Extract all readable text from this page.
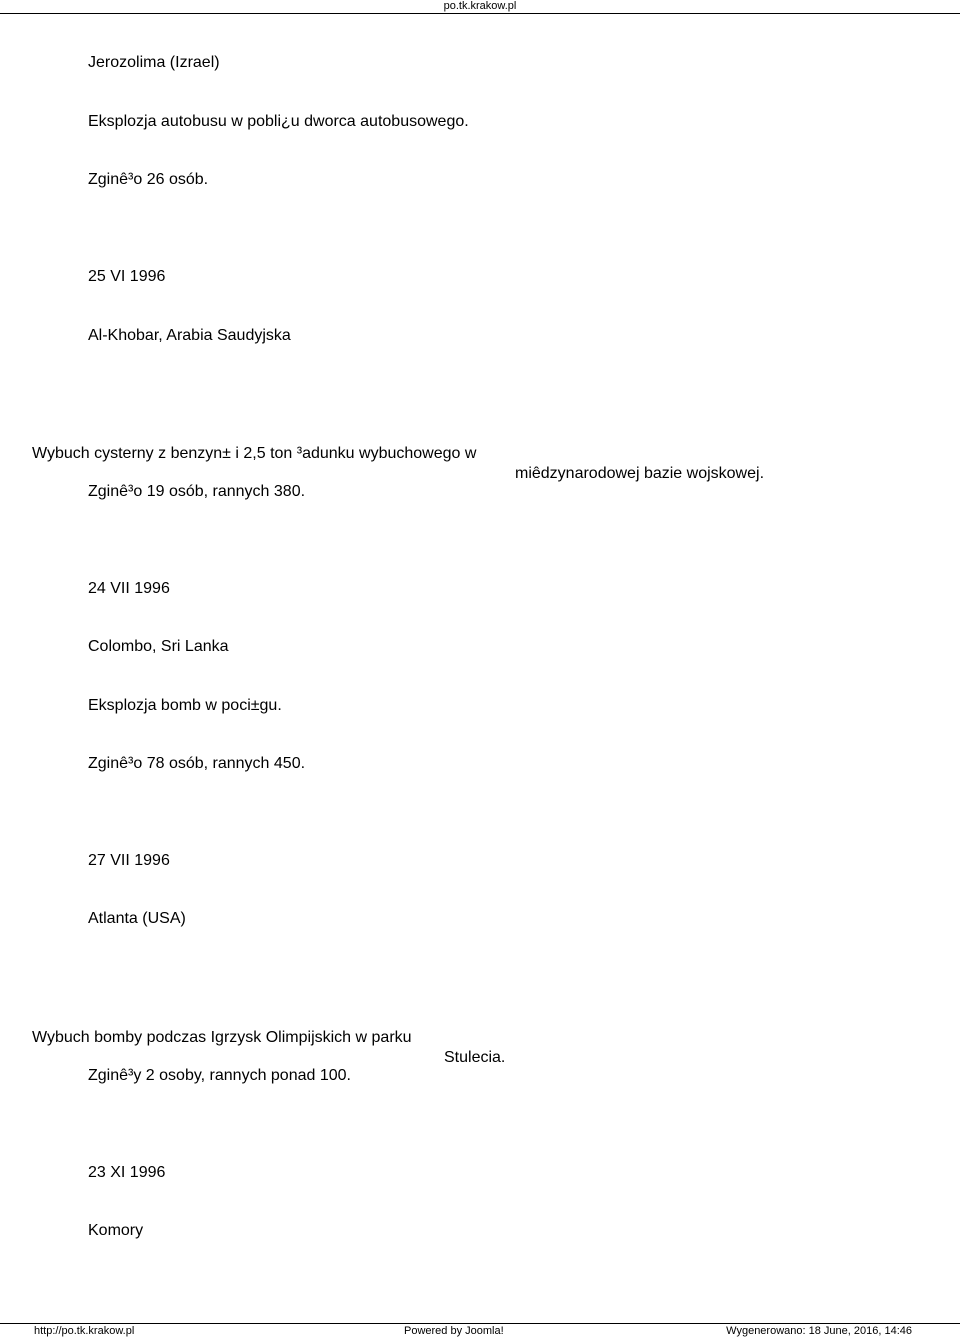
po.tk.krakow.pl
Jerozolima (Izrael)
Eksplozja autobusu w pobli¿u dworca autobusowego.
Zginê³o 26 osób.
25 VI 1996
Al-Khobar, Arabia Saudyjska

Wybuch cysterny z benzyn± i 2,5 ton ³adunku wybuchowego w

miêdzynarodowej bazie wojskowej.

Zginê³o 19 osób, rannych 380.
24 VII 1996
Colombo, Sri Lanka
Eksplozja bomb w poci±gu.
Zginê³o 78 osób, rannych 450.
27 VII 1996
Atlanta (USA)

Wybuch bomby podczas Igrzysk Olimpijskich w parku

Stulecia.

Zginê³y 2 osoby, rannych ponad 100.
23 XI 1996
Komory
http://po.tk.krakow.pl	Powered by Joomla!	Wygenerowano: 18 June, 2016, 14:46
